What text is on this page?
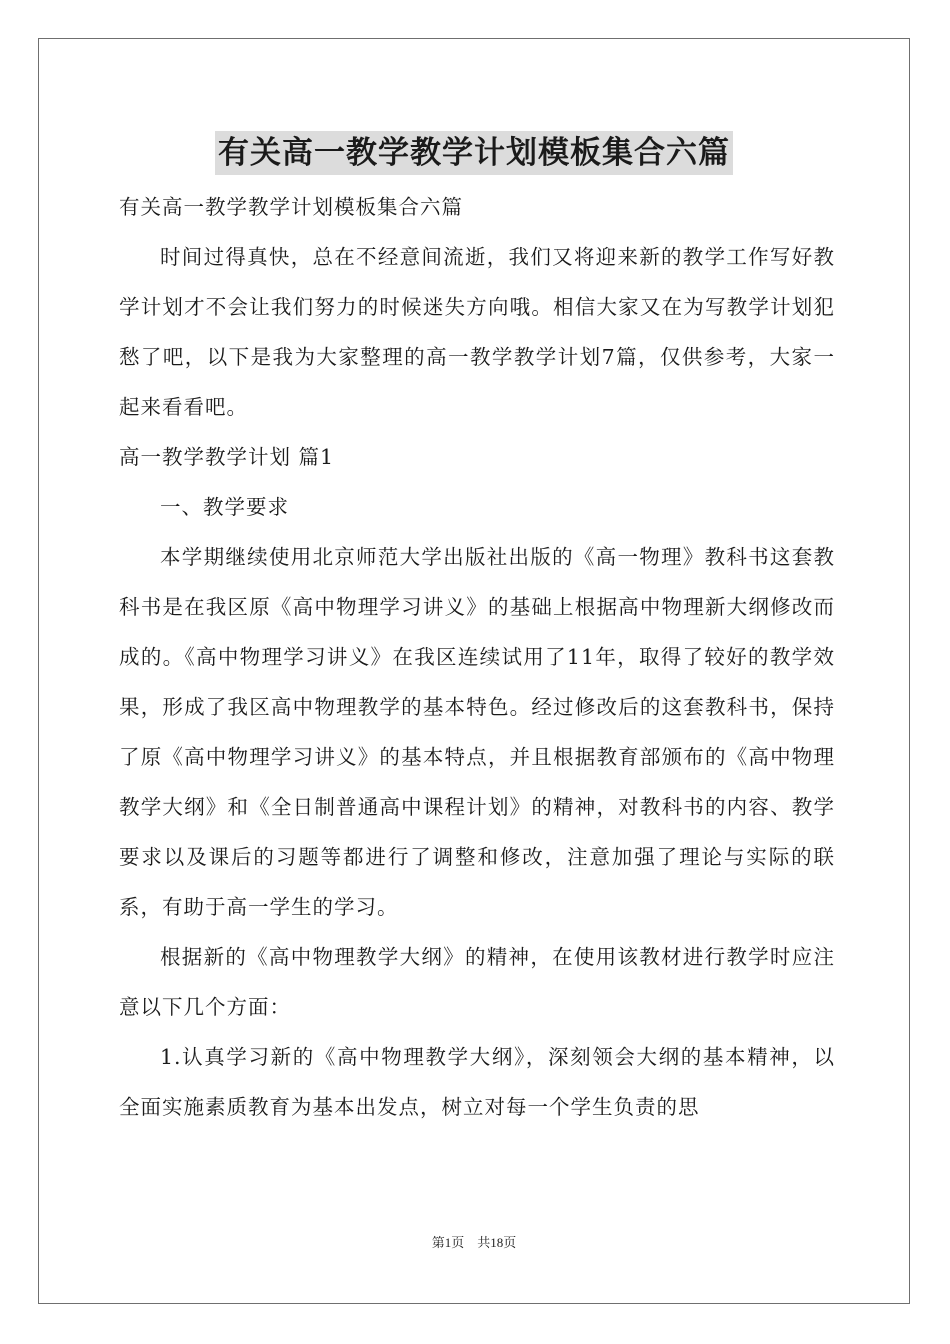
有关高一教学教学计划模板集合六篇

有关高一教学教学计划模板集合六篇

时间过得真快，总在不经意间流逝，我们又将迎来新的教学工作写好教学计划才不会让我们努力的时候迷失方向哦。相信大家又在为写教学计划犯愁了吧，以下是我为大家整理的高一教学教学计划7篇，仅供参考，大家一起来看看吧。

高一教学教学计划 篇1

一、教学要求

本学期继续使用北京师范大学出版社出版的《高一物理》教科书这套教科书是在我区原《高中物理学习讲义》的基础上根据高中物理新大纲修改而成的。《高中物理学习讲义》在我区连续试用了11年，取得了较好的教学效果，形成了我区高中物理教学的基本特色。经过修改后的这套教科书，保持了原《高中物理学习讲义》的基本特点，并且根据教育部颁布的《高中物理教学大纲》和《全日制普通高中课程计划》的精神，对教科书的内容、教学要求以及课后的习题等都进行了调整和修改，注意加强了理论与实际的联系，有助于高一学生的学习。

根据新的《高中物理教学大纲》的精神，在使用该教材进行教学时应注意以下几个方面：

1.认真学习新的《高中物理教学大纲》，深刻领会大纲的基本精神，以全面实施素质教育为基本出发点，树立对每一个学生负责的思

第1页　共18页
